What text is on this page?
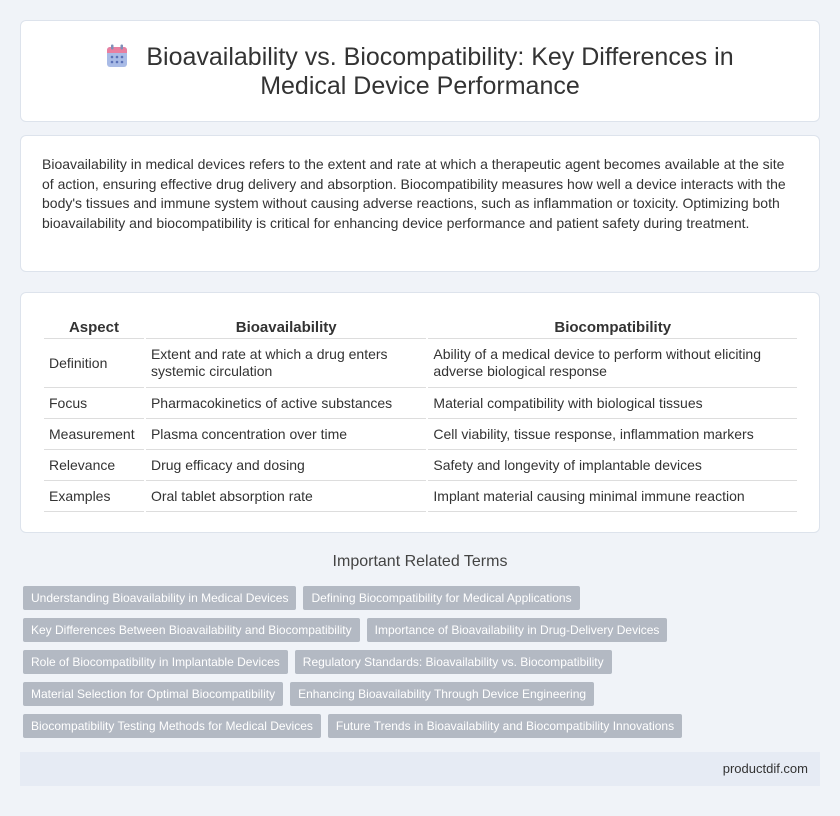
Bioavailability vs. Biocompatibility: Key Differences in Medical Device Performance

Bioavailability in medical devices refers to the extent and rate at which a therapeutic agent becomes available at the site of action, ensuring effective drug delivery and absorption. Biocompatibility measures how well a device interacts with the body's tissues and immune system without causing adverse reactions, such as inflammation or toxicity. Optimizing both bioavailability and biocompatibility is critical for enhancing device performance and patient safety during treatment.

Aspect	Bioavailability	Biocompatibility
Definition	Extent and rate at which a drug enters systemic circulation	Ability of a medical device to perform without eliciting adverse biological response
Focus	Pharmacokinetics of active substances	Material compatibility with biological tissues
Measurement	Plasma concentration over time	Cell viability, tissue response, inflammation markers
Relevance	Drug efficacy and dosing	Safety and longevity of implantable devices
Examples	Oral tablet absorption rate	Implant material causing minimal immune reaction
Important Related Terms
Understanding Bioavailability in Medical Devices	Defining Biocompatibility for Medical Applications
Key Differences Between Bioavailability and Biocompatibility	Importance of Bioavailability in Drug-Delivery Devices
Role of Biocompatibility in Implantable Devices	Regulatory Standards: Bioavailability vs. Biocompatibility
Material Selection for Optimal Biocompatibility	Enhancing Bioavailability Through Device Engineering
Biocompatibility Testing Methods for Medical Devices	Future Trends in Bioavailability and Biocompatibility Innovations
productdif.com
